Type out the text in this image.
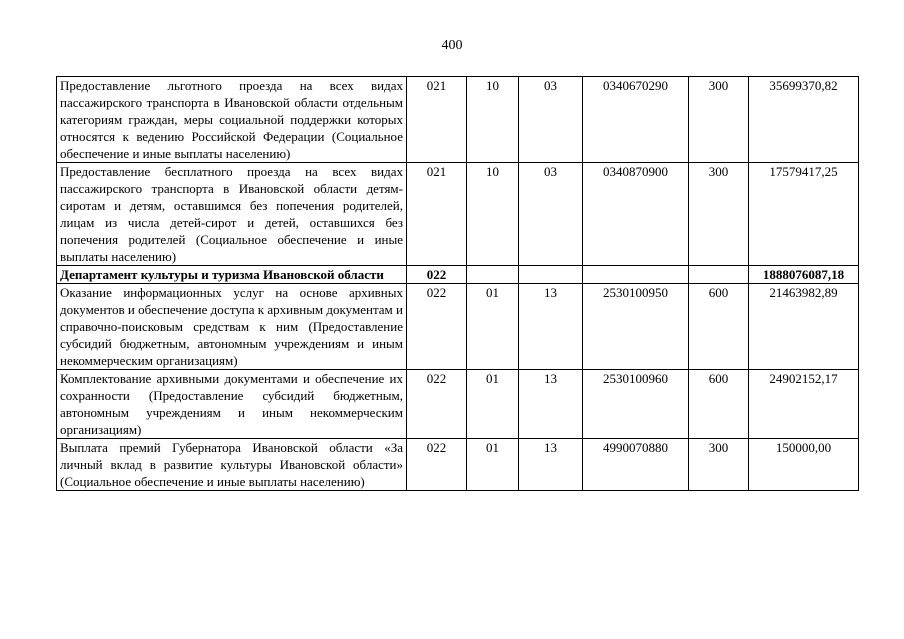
400
Предоставление льготного проезда на всех видах пассажирского транспорта в Ивановской области отдельным категориям граждан, меры социальной поддержки которых относятся к ведению Российской Федерации (Социальное обеспечение и иные выплаты населению)	021	10	03	0340670290	300	35699370,82
Предоставление бесплатного проезда на всех видах пассажирского транспорта в Ивановской области детям-сиротам и детям, оставшимся без попечения родителей, лицам из числа детей-сирот и детей, оставшихся без попечения родителей (Социальное обеспечение и иные выплаты населению)	021	10	03	0340870900	300	17579417,25
Департамент культуры и туризма Ивановской области	022					1888076087,18
Оказание информационных услуг на основе архивных документов и обеспечение доступа к архивным документам и справочно-поисковым средствам к ним (Предоставление субсидий бюджетным, автономным учреждениям и иным некоммерческим организациям)	022	01	13	2530100950	600	21463982,89
Комплектование архивными документами и обеспечение их сохранности (Предоставление субсидий бюджетным, автономным учреждениям и иным некоммерческим организациям)	022	01	13	2530100960	600	24902152,17
Выплата премий Губернатора Ивановской области «За личный вклад в развитие культуры Ивановской области» (Социальное обеспечение и иные выплаты населению)	022	01	13	4990070880	300	150000,00
